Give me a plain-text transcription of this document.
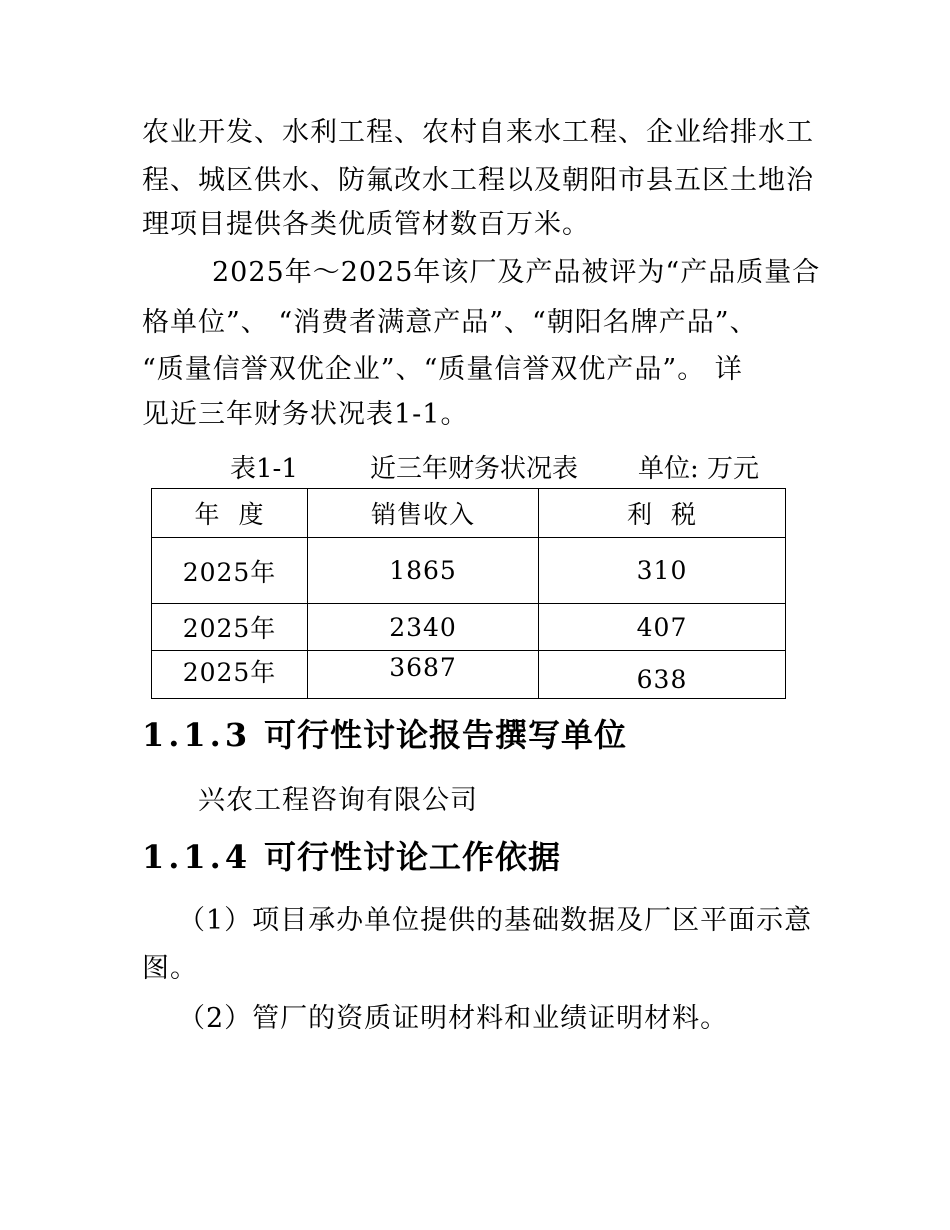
农业开发、水利工程、农村自来水工程、企业给排水工

程、城区供水、防氟改水工程以及朝阳市县五区土地治

理项目提供各类优质管材数百万米。

2025年～2025年该厂及产品被评为“产品质量合

格单位”、 “消费者满意产品”、“朝阳名牌产品”、

“质量信誉双优企业”、“质量信誉双优产品”。 详

见近三年财务状况表1-1。

表1-1	近三年财务状况表 单位: 万元
年  度	销售收入	利  税
2025年	1865	310
2025年	2340	407
2025年	3687	638
1.1.3 可行性讨论报告撰写单位
兴农工程咨询有限公司
1.1.4 可行性讨论工作依据
（1）项目承办单位提供的基础数据及厂区平面示意
图。
（2）管厂的资质证明材料和业绩证明材料。
